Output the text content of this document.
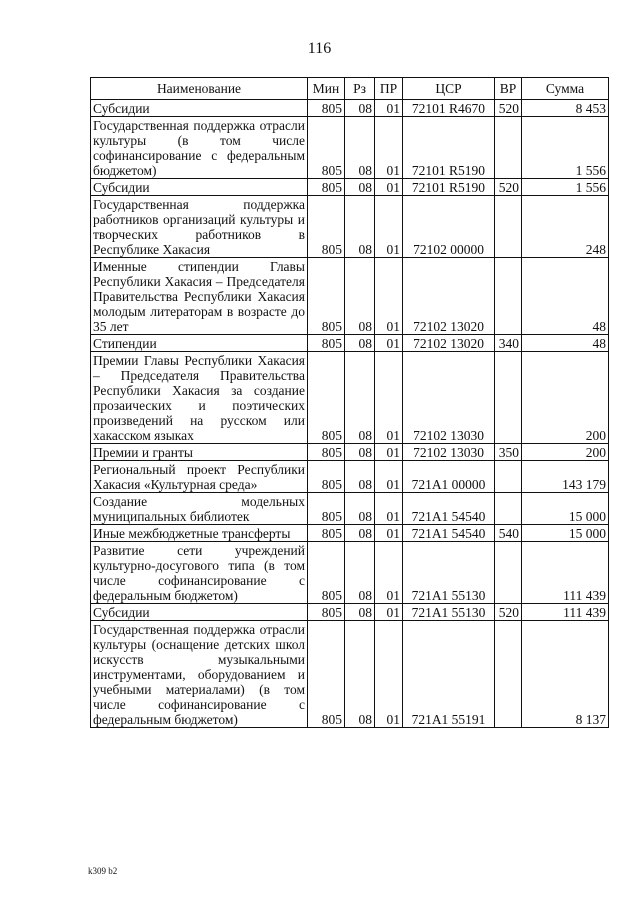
116
Наименование	Мин	Рз	ПР	ЦСР	ВР	Сумма
Субсидии	805	08	01	72101 R4670	520	8 453
Государственная поддержка отрасли культуры (в том числе софинансирование с федеральным бюджетом)	805	08	01	72101 R5190		1 556
Субсидии	805	08	01	72101 R5190	520	1 556
Государственная поддержка работников организаций культуры и творческих работников в Республике Хакасия	805	08	01	72102 00000		248
Именные стипендии Главы Республики Хакасия – Председателя Правительства Республики Хакасия молодым литераторам в возрасте до 35 лет	805	08	01	72102 13020		48
Стипендии	805	08	01	72102 13020	340	48
Премии Главы Республики Хакасия – Председателя Правительства Республики Хакасия за создание прозаических и поэтических произведений на русском или хакасском языках	805	08	01	72102 13030		200
Премии и гранты	805	08	01	72102 13030	350	200
Региональный проект Республики Хакасия «Культурная среда»	805	08	01	721A1 00000		143 179
Создание модельных муниципальных библиотек	805	08	01	721A1 54540		15 000
Иные межбюджетные трансферты	805	08	01	721A1 54540	540	15 000
Развитие сети учреждений культурно-досугового типа (в том числе софинансирование с федеральным бюджетом)	805	08	01	721A1 55130		111 439
Субсидии	805	08	01	721A1 55130	520	111 439
Государственная поддержка отрасли культуры (оснащение детских школ искусств музыкальными инструментами, оборудованием и учебными материалами) (в том числе софинансирование с федеральным бюджетом)	805	08	01	721A1 55191		8 137
k309 b2
